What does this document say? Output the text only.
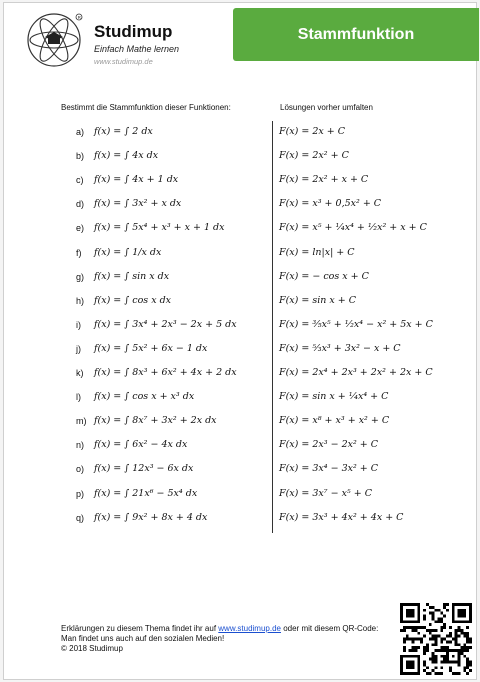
R
Studimup
Einfach Mathe lernen
www.studimup.de
Stammfunktion
Bestimmt die Stammfunktion dieser Funktionen:	Lösungen vorher umfalten
a) f(x) = ∫ 2 dx
b) f(x) = ∫ 4x dx
c) f(x) = ∫ 4x + 1 dx
d) f(x) = ∫ 3x² + x dx
e) f(x) = ∫ 5x⁴ + x³ + x + 1 dx
f) f(x) = ∫ 1/x dx
g) f(x) = ∫ sin x dx
h) f(x) = ∫ cos x dx
i) f(x) = ∫ 3x⁴ + 2x³ − 2x + 5 dx
j) f(x) = ∫ 5x² + 6x − 1 dx
k) f(x) = ∫ 8x³ + 6x² + 4x + 2 dx
l) f(x) = ∫ cos x + x³ dx
m) f(x) = ∫ 8x⁷ + 3x² + 2x dx
n) f(x) = ∫ 6x² − 4x dx
o) f(x) = ∫ 12x³ − 6x dx
p) f(x) = ∫ 21x⁶ − 5x⁴ dx
q) f(x) = ∫ 9x² + 8x + 4 dx
F(x) = 2x + C
F(x) = 2x² + C
F(x) = 2x² + x + C
F(x) = x³ + 0,5x² + C
F(x) = x⁵ + ¹⁄₄x⁴ + ¹⁄₂x² + x + C
F(x) = ln|x| + C
F(x) = − cos x + C
F(x) = sin x + C
F(x) = ³⁄₅x⁵ + ¹⁄₂x⁴ − x² + 5x + C
F(x) = ⁵⁄₃x³ + 3x² − x + C
F(x) = 2x⁴ + 2x³ + 2x² + 2x + C
F(x) = sin x + ¹⁄₄x⁴ + C
F(x) = x⁸ + x³ + x² + C
F(x) = 2x³ − 2x² + C
F(x) = 3x⁴ − 3x² + C
F(x) = 3x⁷ − x⁵ + C
F(x) = 3x³ + 4x² + 4x + C
Erklärungen zu diesem Thema findet ihr auf www.studimup.de oder mit diesem QR-Code:
Man findet uns auch auf den sozialen Medien!
© 2018 Studimup
